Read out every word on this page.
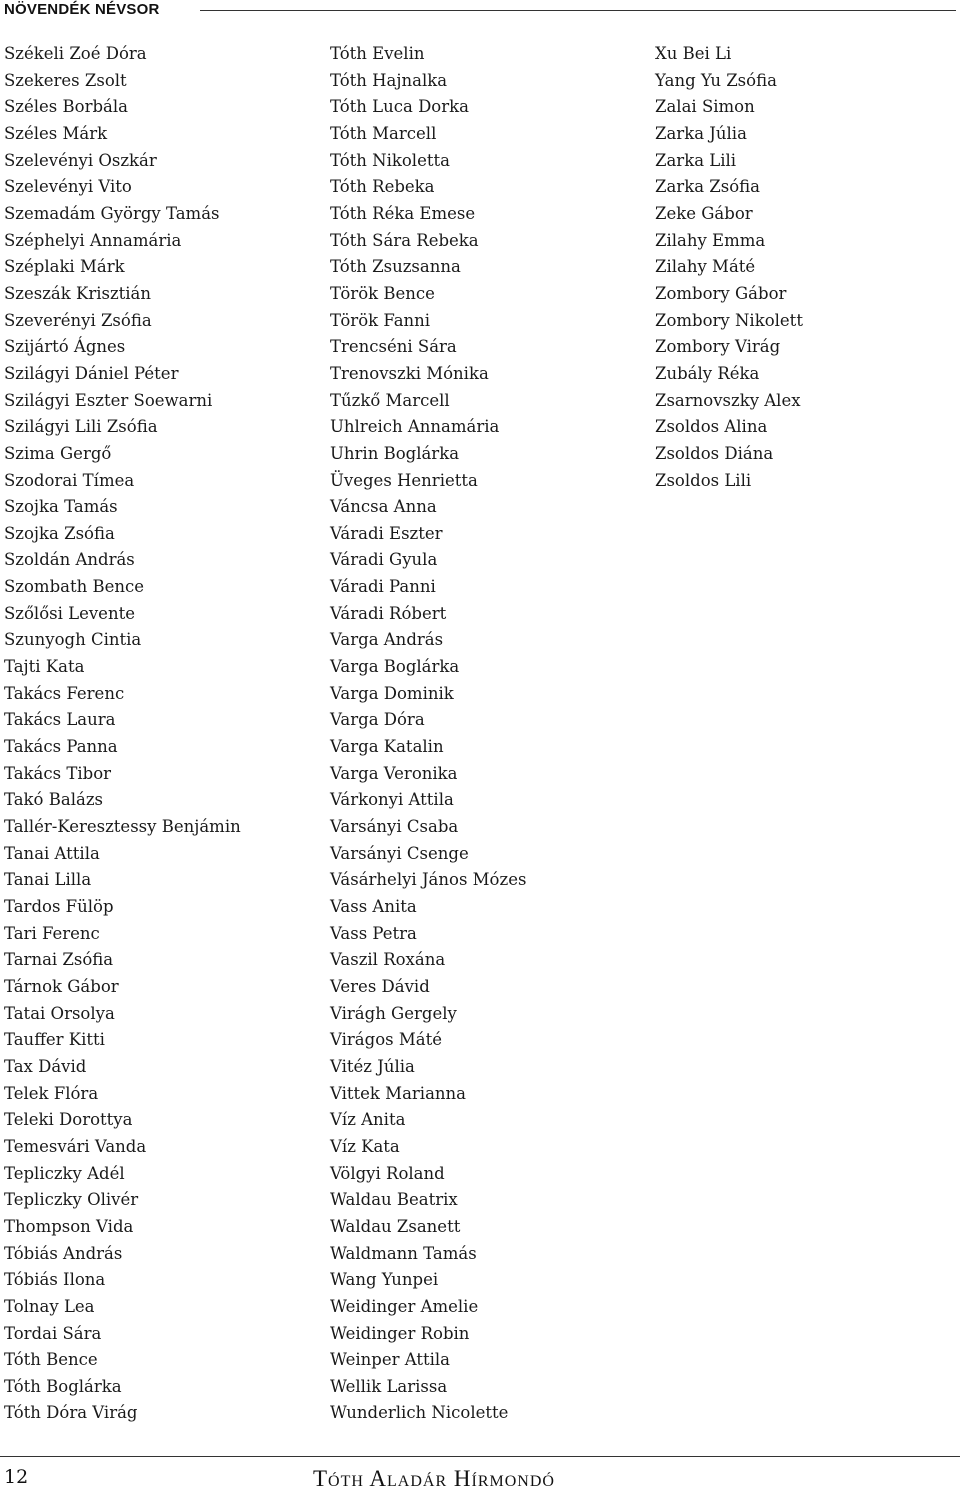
NÖVENDÉK NÉVSOR
Székeli Zoé Dóra
Szekeres Zsolt
Széles Borbála
Széles Márk
Szelevényi Oszkár
Szelevényi Vito
Szemadám György Tamás
Széphelyi Annamária
Széplaki Márk
Szeszák Krisztián
Szeverényi Zsófia
Szijártó Ágnes
Szilágyi Dániel Péter
Szilágyi Eszter Soewarni
Szilágyi Lili Zsófia
Szima Gergő
Szodorai Tímea
Szojka Tamás
Szojka Zsófia
Szoldán András
Szombath Bence
Szőlősi Levente
Szunyogh Cintia
Tajti Kata
Takács Ferenc
Takács Laura
Takács Panna
Takács Tibor
Takó Balázs
Tallér-Keresztessy Benjámin
Tanai Attila
Tanai Lilla
Tardos Fülöp
Tari Ferenc
Tarnai Zsófia
Tárnok Gábor
Tatai Orsolya
Tauffer Kitti
Tax Dávid
Telek Flóra
Teleki Dorottya
Temesvári Vanda
Tepliczky Adél
Tepliczky Olivér
Thompson Vida
Tóbiás András
Tóbiás Ilona
Tolnay Lea
Tordai Sára
Tóth Bence
Tóth Boglárka
Tóth Dóra Virág
Tóth Evelin
Tóth Hajnalka
Tóth Luca Dorka
Tóth Marcell
Tóth Nikoletta
Tóth Rebeka
Tóth Réka Emese
Tóth Sára Rebeka
Tóth Zsuzsanna
Török Bence
Török Fanni
Trencséni Sára
Trenovszki Mónika
Tűzkő Marcell
Uhlreich Annamária
Uhrin Boglárka
Üveges Henrietta
Váncsa Anna
Váradi Eszter
Váradi Gyula
Váradi Panni
Váradi Róbert
Varga András
Varga Boglárka
Varga Dominik
Varga Dóra
Varga Katalin
Varga Veronika
Várkonyi Attila
Varsányi Csaba
Varsányi Csenge
Vásárhelyi János Mózes
Vass Anita
Vass Petra
Vaszil Roxána
Veres Dávid
Virágh Gergely
Virágos Máté
Vitéz Júlia
Vittek Marianna
Víz Anita
Víz Kata
Völgyi Roland
Waldau Beatrix
Waldau Zsanett
Waldmann Tamás
Wang Yunpei
Weidinger Amelie
Weidinger Robin
Weinper Attila
Wellik Larissa
Wunderlich Nicolette
Xu Bei Li
Yang Yu Zsófia
Zalai Simon
Zarka Júlia
Zarka Lili
Zarka Zsófia
Zeke Gábor
Zilahy Emma
Zilahy Máté
Zombory Gábor
Zombory Nikolett
Zombory Virág
Zubály Réka
Zsarnovszky Alex
Zsoldos Alina
Zsoldos Diána
Zsoldos Lili
12	Tóth Aladár Hírmondó
